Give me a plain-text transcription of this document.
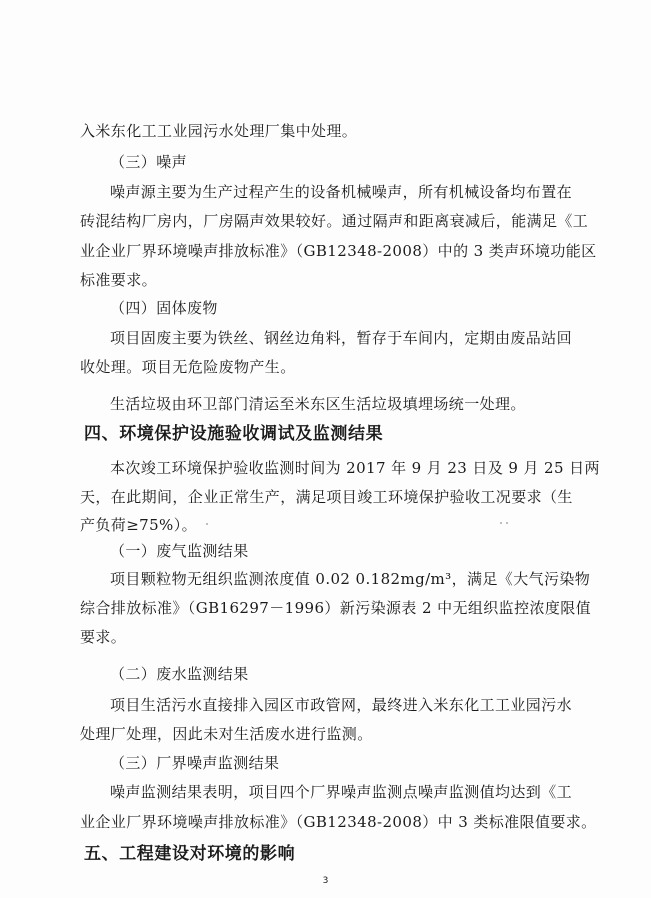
入米东化工工业园污水处理厂集中处理。
（三）噪声
噪声源主要为生产过程产生的设备机械噪声，所有机械设备均布置在
砖混结构厂房内，厂房隔声效果较好。通过隔声和距离衰减后，能满足《工
业企业厂界环境噪声排放标准》（GB12348-2008）中的 3 类声环境功能区
标准要求。
（四）固体废物
项目固废主要为铁丝、钢丝边角料，暂存于车间内，定期由废品站回
收处理。项目无危险废物产生。
生活垃圾由环卫部门清运至米东区生活垃圾填埋场统一处理。
四、环境保护设施验收调试及监测结果
本次竣工环境保护验收监测时间为 2017 年 9 月 23 日及 9 月 25 日两
天，在此期间，企业正常生产，满足项目竣工环境保护验收工况要求（生
产负荷≥75%）。
（一）废气监测结果
项目颗粒物无组织监测浓度值 0.02 0.182mg/m³，满足《大气污染物
综合排放标准》（GB16297－1996）新污染源表 2 中无组织监控浓度限值
要求。
（二）废水监测结果
项目生活污水直接排入园区市政管网，最终进入米东化工工业园污水
处理厂处理，因此未对生活废水进行监测。
（三）厂界噪声监测结果
噪声监测结果表明，项目四个厂界噪声监测点噪声监测值均达到《工
业企业厂界环境噪声排放标准》（GB12348-2008）中 3 类标准限值要求。
五、工程建设对环境的影响
3
